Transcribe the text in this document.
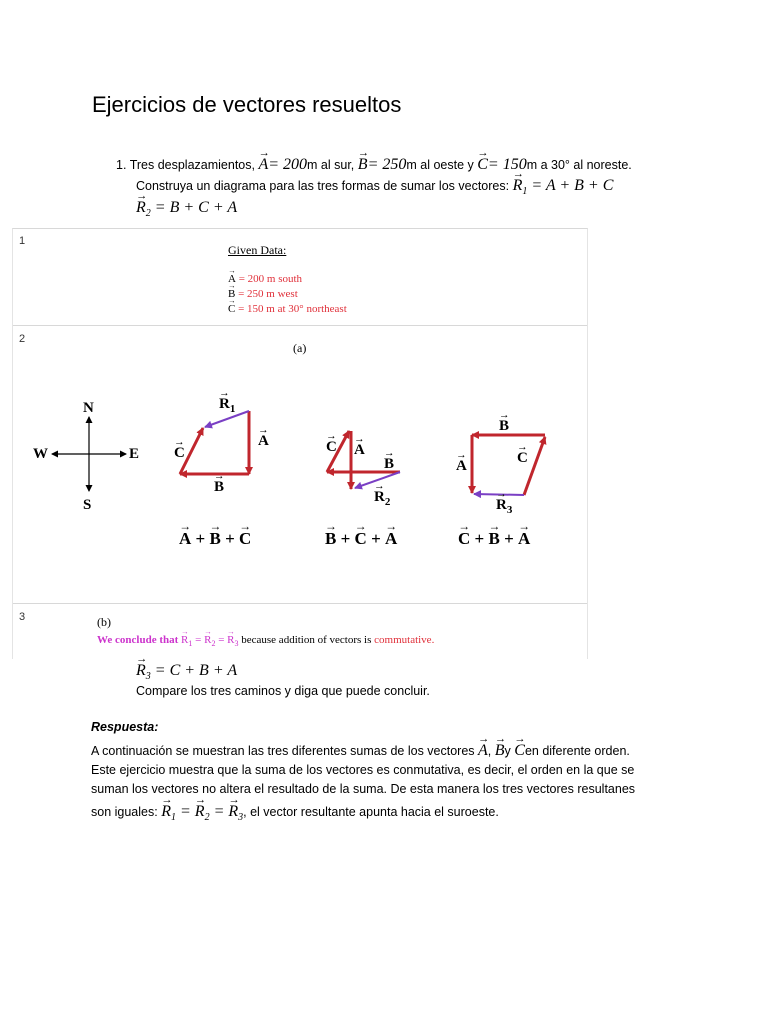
Ejercicios de vectores resueltos
1. Tres desplazamientos, → A= 200m al sur, → B= 250m al oeste y → C= 150m a 30° al noreste.
Construya un diagrama para las tres formas de sumar los vectores: → $R_1 = A + B + C$
→ $R_2 = B + C + A$
1
2
3
Given Data:
→ A = 200 m south
→ B = 250 m west
→ C = 150 m at 30° northeast
(a)
N
S
E
W
→ $R_1$
→ A
→ C
→ B
→ C → A
→ B
→ $R_2$
→ B
→ A	→ C
→ $R_3$
→ A + → B + → C	→ B + → C + → A	→ C + → B + → A
(b)
We conclude that → $R_1$ = → $R_2$ = → $R_3$ because addition of vectors is commutative.
→ $R_3 = C + B + A$
Compare los tres caminos y diga que puede concluir.
Respuesta:
A continuación se muestran las tres diferentes sumas de los vectores → A, → By → Cen diferente orden.
Este ejercicio muestra que la suma de los vectores es conmutativa, es decir, el orden en la que se
suman los vectores no altera el resultado de la suma. De esta manera los tres vectores resultanes
son iguales: → $R_1$ = → $R_2$ = → $R_3$, el vector resultante apunta hacia el suroeste.
